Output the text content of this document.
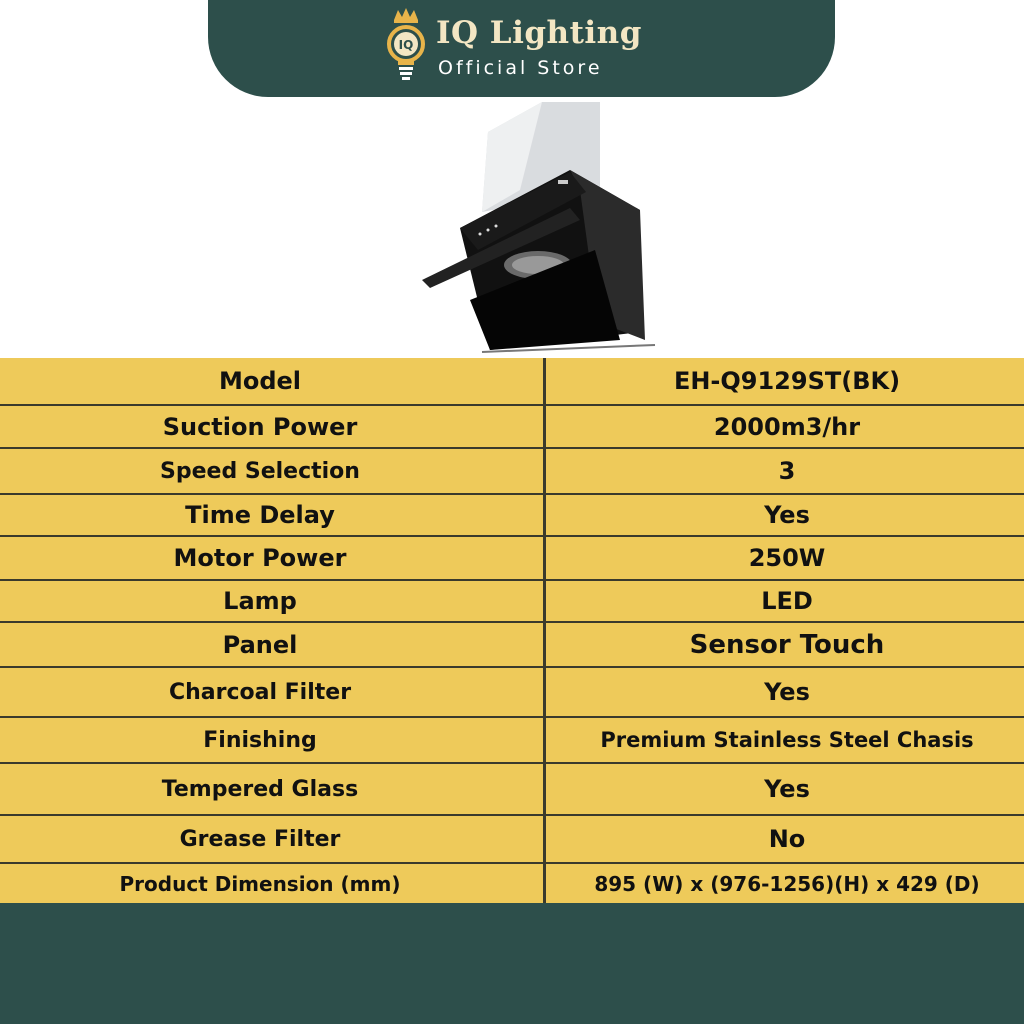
IQ IQ Lighting
Official Store
Model	EH-Q9129ST(BK)
Suction Power	2000m3/hr
Speed Selection	3
Time Delay	Yes
Motor Power	250W
Lamp	LED
Panel	Sensor Touch
Charcoal Filter	Yes
Finishing	Premium Stainless Steel Chasis
Tempered Glass	Yes
Grease Filter	No
Product Dimension (mm)	895 (W) x (976-1256)(H) x 429 (D)
